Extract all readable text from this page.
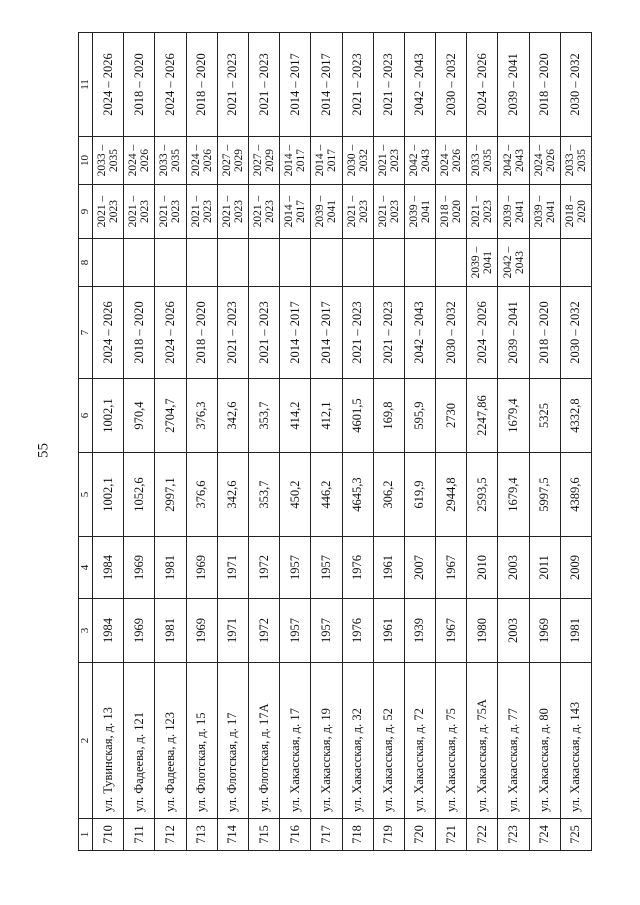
55
1	2	3	4	5	6	7	8	9	10	11
710	ул. Тувинская, д. 13	1984	1984	1002,1	1002,1	2024 – 2026		2021 – 2023	2033 – 2035	2024 – 2026
711	ул. Фадеева, д. 121	1969	1969	1052,6	970,4	2018 – 2020		2021 – 2023	2024 – 2026	2018 – 2020
712	ул. Фадеева, д. 123	1981	1981	2997,1	2704,7	2024 – 2026		2021 – 2023	2033 – 2035	2024 – 2026
713	ул. Флотская, д. 15	1969	1969	376,6	376,3	2018 – 2020		2021 – 2023	2024 – 2026	2018 – 2020
714	ул. Флотская, д. 17	1971	1971	342,6	342,6	2021 – 2023		2021 – 2023	2027 – 2029	2021 – 2023
715	ул. Флотская, д. 17А	1972	1972	353,7	353,7	2021 – 2023		2021 – 2023	2027 – 2029	2021 – 2023
716	ул. Хакасская, д. 17	1957	1957	450,2	414,2	2014 – 2017		2014 – 2017	2014 – 2017	2014 – 2017
717	ул. Хакасская, д. 19	1957	1957	446,2	412,1	2014 – 2017		2039 – 2041	2014 – 2017	2014 – 2017
718	ул. Хакасская, д. 32	1976	1976	4645,3	4601,5	2021 – 2023		2021 – 2023	2030 – 2032	2021 – 2023
719	ул. Хакасская, д. 52	1961	1961	306,2	169,8	2021 – 2023		2021 – 2023	2021 – 2023	2021 – 2023
720	ул. Хакасская, д. 72	1939	2007	619,9	595,9	2042 – 2043		2039 – 2041	2042 – 2043	2042 – 2043
721	ул. Хакасская, д. 75	1967	1967	2944,8	2730	2030 – 2032		2018 – 2020	2024 – 2026	2030 – 2032
722	ул. Хакасская, д. 75А	1980	2010	2593,5	2247,86	2024 – 2026	2039 – 2041	2021 – 2023	2033 – 2035	2024 – 2026
723	ул. Хакасская, д. 77	2003	2003	1679,4	1679,4	2039 – 2041	2042 – 2043	2039 – 2041	2042 – 2043	2039 – 2041
724	ул. Хакасская, д. 80	1969	2011	5997,5	5325	2018 – 2020		2039 – 2041	2024 – 2026	2018 – 2020
725	ул. Хакасская, д. 143	1981	2009	4389,6	4332,8	2030 – 2032		2018 – 2020	2033 – 2035	2030 – 2032
